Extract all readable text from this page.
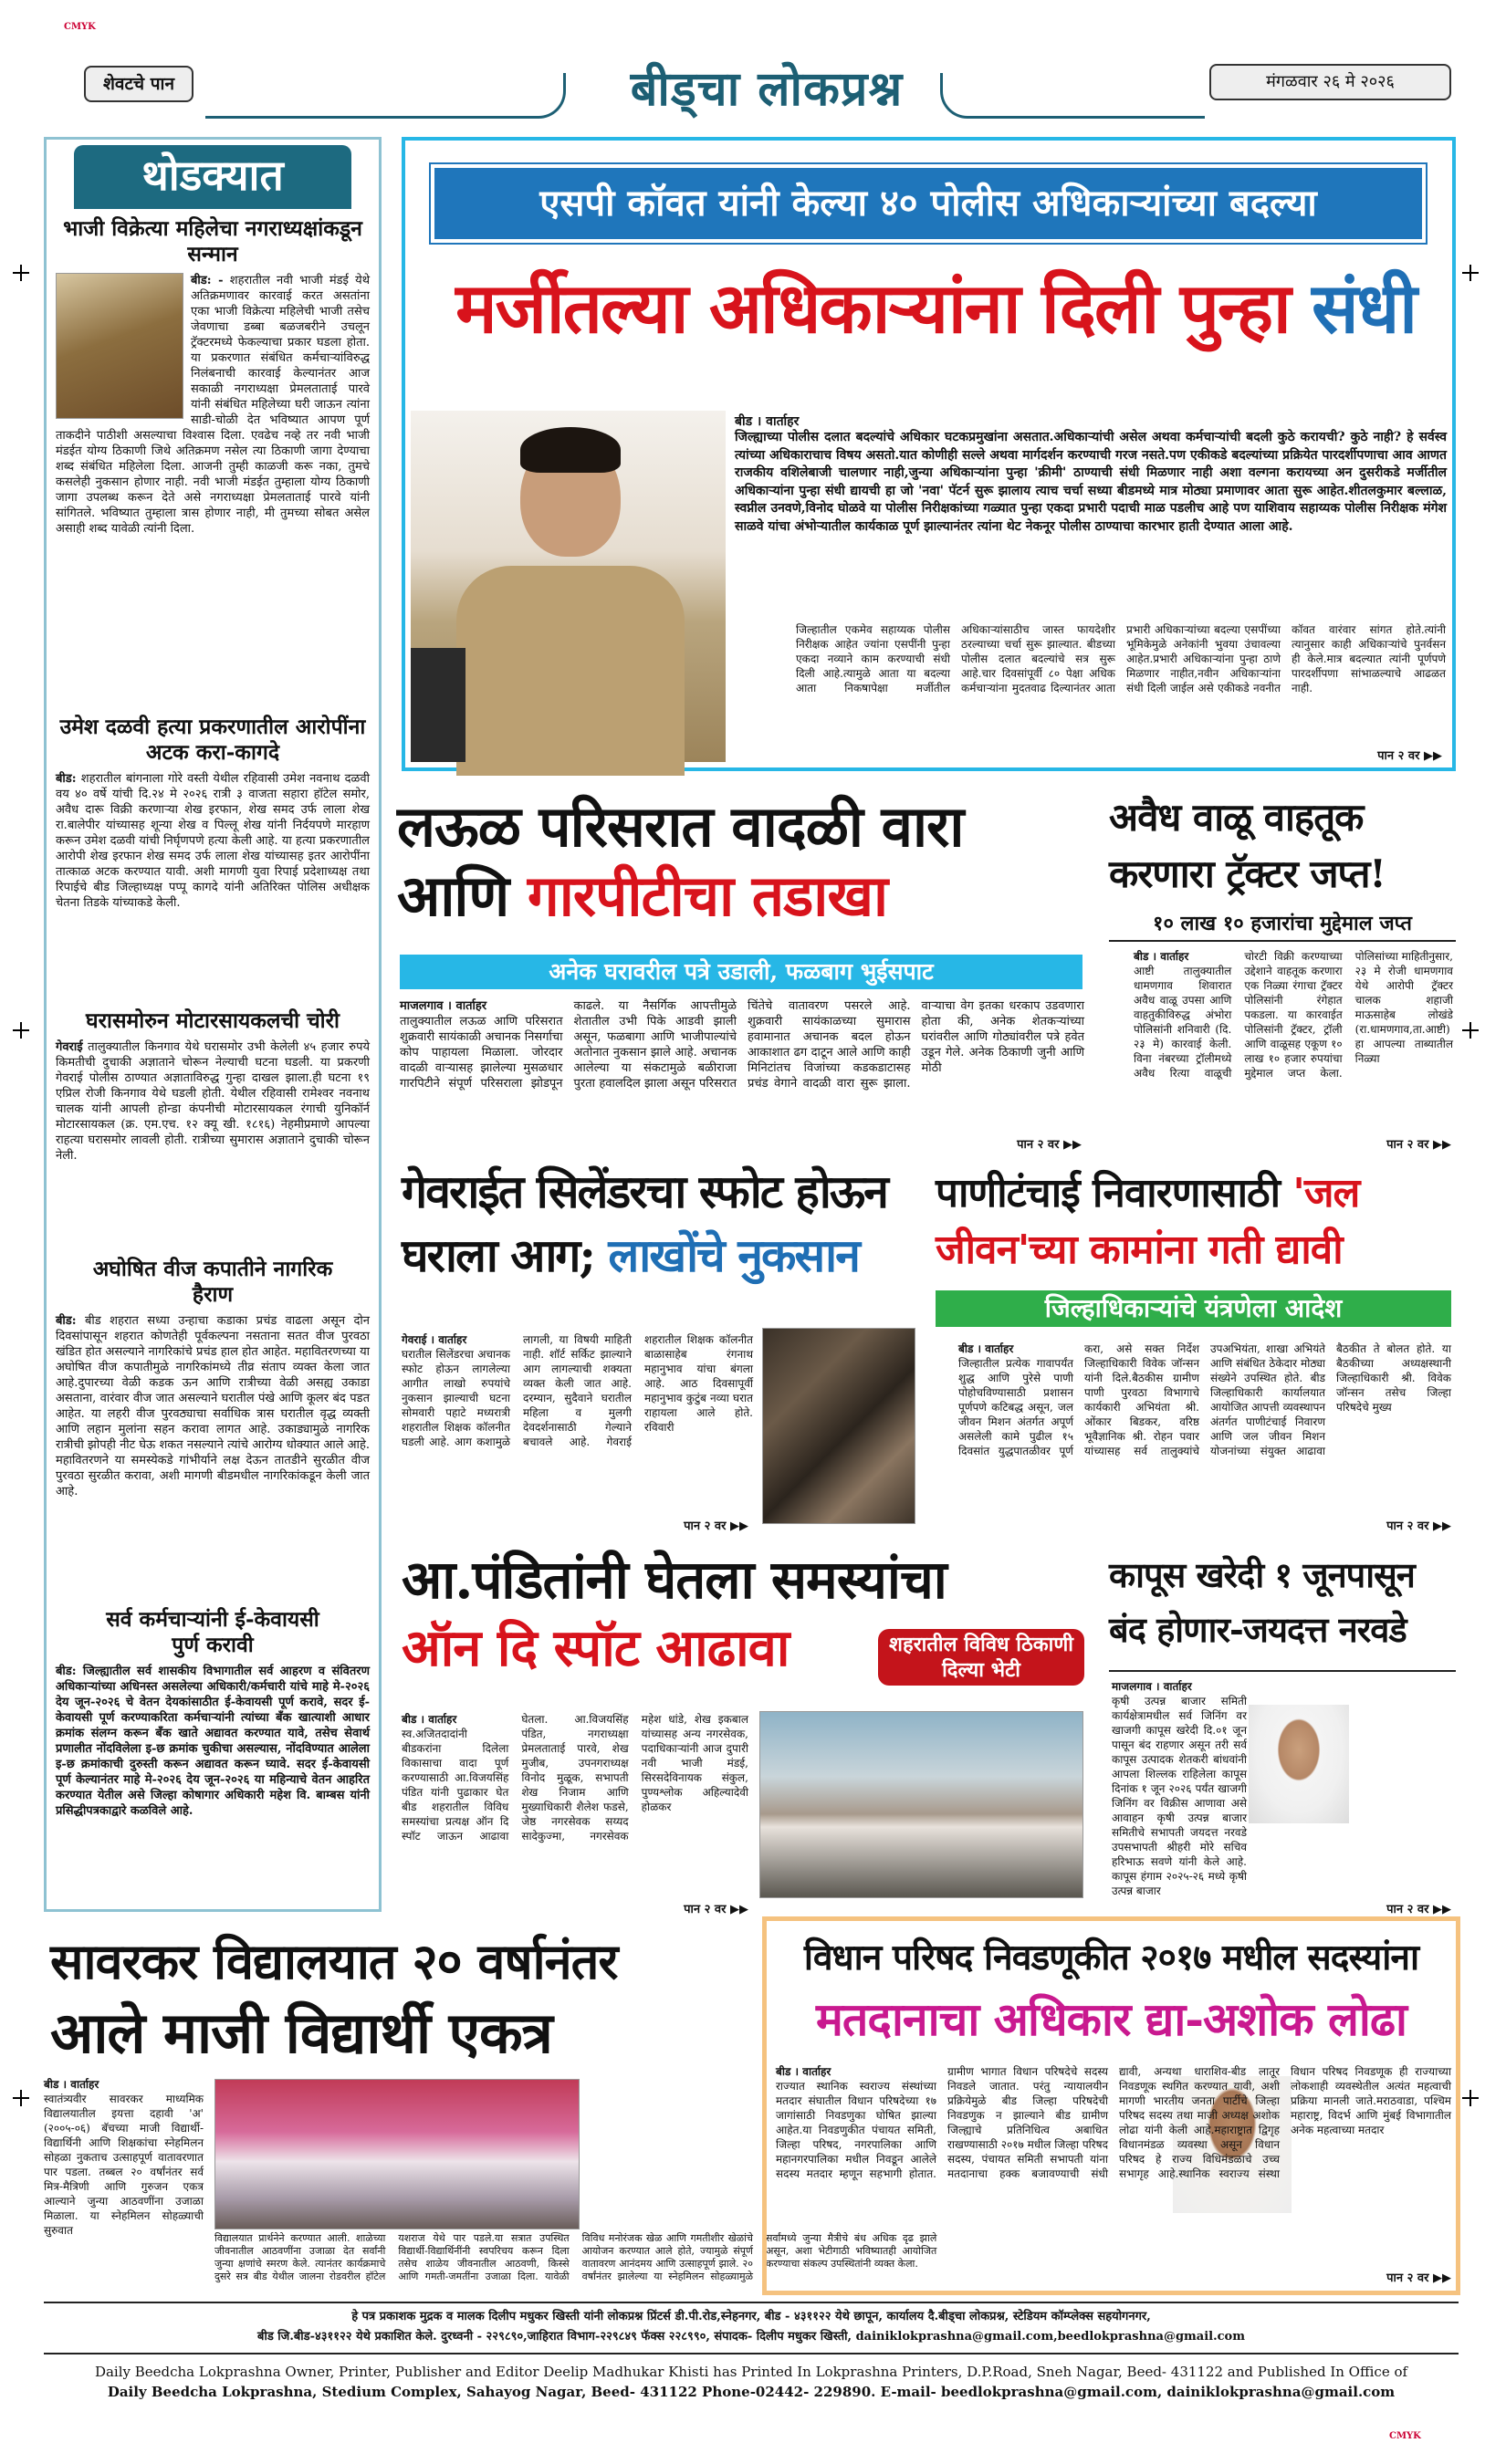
CMYK
CMYK
शेवटचे पान	बीड्चा लोकप्रश्न	मंगळवार २६ मे २०२६
थोडक्यात
भाजी विक्रेत्या महिलेचा नगराध्यक्षांकडून सन्मान
बीड: - शहरातील नवी भाजी मंडई येथे अतिक्रमणावर कारवाई करत असतांना एका भाजी विक्रेत्या महिलेची भाजी तसेच जेवणाचा डब्बा बळजबरीने उचलून ट्रॅक्टरमध्ये फेकल्याचा प्रकार घडला होता. या प्रकरणात संबंधित कर्मचाऱ्यांविरुद्ध निलंबनाची कारवाई केल्यानंतर आज सकाळी नगराध्यक्षा प्रेमलताताई पारवे यांनी संबंधित महिलेच्या घरी जाऊन त्यांना साडी-चोळी देत भविष्यात आपण पूर्ण ताकदीने पाठीशी असल्याचा विश्वास दिला. एवढेच नव्हे तर नवी भाजी मंडईत योग्य ठिकाणी जिथे अतिक्रमण नसेल त्या ठिकाणी जागा देण्याचा शब्द संबंधित महिलेला दिला. आजनी तुम्ही काळजी करू नका, तुमचे कसलेही नुकसान होणार नाही. नवी भाजी मंडईत तुम्हाला योग्य ठिकाणी जागा उपलब्ध करून देते असे नगराध्यक्षा प्रेमलताताई पारवे यांनी सांगितले. भविष्यात तुम्हाला त्रास होणार नाही, मी तुमच्या सोबत असेल असाही शब्द यावेळी त्यांनी दिला.
उमेश दळवी हत्या प्रकरणातील आरोपींना अटक करा-कागदे
बीड: शहरातील बांगनाला गोरे वस्ती येथील रहिवासी उमेश नवनाथ दळवी वय ४० वर्षे यांची दि.२४ मे २०२६ रात्री ३ वाजता सहारा हॉटेल समोर, अवैध दारू विक्री करणाऱ्या शेख इरफान, शेख समद उर्फ लाला शेख रा.बालेपीर यांच्यासह शून्या शेख व पिल्लू शेख यांनी निर्दयपणे मारहाण करून उमेश दळवी यांची निर्घृणपणे हत्या केली आहे. या हत्या प्रकरणातील आरोपी शेख इरफान शेख समद उर्फ लाला शेख यांच्यासह इतर आरोपींना तात्काळ अटक करण्यात यावी. अशी मागणी युवा रिपाई प्रदेशाध्यक्ष तथा रिपाईचे बीड जिल्हाध्यक्ष पप्पू कागदे यांनी अतिरिक्त पोलिस अधीक्षक चेतना तिडके यांच्याकडे केली.
घरासमोरुन मोटारसायकलची चोरी
गेवराई तालुक्यातील किनगाव येथे घरासमोर उभी केलेली ४५ हजार रुपये किमतीची दुचाकी अज्ञाताने चोरून नेल्याची घटना घडली. या प्रकरणी गेवराई पोलीस ठाण्यात अज्ञाताविरुद्ध गुन्हा दाखल झाला.ही घटना १९ एप्रिल रोजी किनगाव येथे घडली होती. येथील रहिवासी रामेश्वर नवनाथ चालक यांनी आपली होन्डा कंपनीची मोटारसायकल रंगाची युनिकॉर्न मोटारसायकल (क्र. एम.एच. १२ क्यू खी. १८१६) नेहमीप्रमाणे आपल्या राहत्या घरासमोर लावली होती. रात्रीच्या सुमारास अज्ञाताने दुचाकी चोरून नेली.
अघोषित वीज कपातीने नागरिक हैराण
बीड: बीड शहरात सध्या उन्हाचा कडाका प्रचंड वाढला असून दोन दिवसांपासून शहरात कोणतेही पूर्वकल्पना नसताना सतत वीज पुरवठा खंडित होत असल्याने नागरिकांचे प्रचंड हाल होत आहेत. महावितरणच्या या अघोषित वीज कपातीमुळे नागरिकांमध्ये तीव्र संताप व्यक्त केला जात आहे.दुपारच्या वेळी कडक ऊन आणि रात्रीच्या वेळी असह्य उकाडा असताना, वारंवार वीज जात असल्याने घरातील पंखे आणि कूलर बंद पडत आहेत. या लहरी वीज पुरवठ्याचा सर्वाधिक त्रास घरातील वृद्ध व्यक्ती आणि लहान मुलांना सहन करावा लागत आहे. उकाड्यामुळे नागरिक रात्रीची झोपही नीट घेऊ शकत नसल्याने त्यांचे आरोग्य धोक्यात आले आहे. महावितरणने या समस्येकडे गांभीर्याने लक्ष देऊन तातडीने सुरळीत वीज पुरवठा सुरळीत करावा, अशी मागणी बीडमधील नागरिकांकडून केली जात आहे.
सर्व कर्मचाऱ्यांनी ई-केवायसी पुर्ण करावी
बीड: जिल्ह्यातील सर्व शासकीय विभागातील सर्व आहरण व संवितरण अधिकाऱ्यांच्या अधिनस्त असलेल्या अधिकारी/कर्मचारी यांचे माहे मे-२०२६ देय जून-२०२६ चे वेतन देयकांसाठीत ई-केवायसी पूर्ण करावे, सदर ई-केवायसी पूर्ण करण्याकरिता कर्मचाऱ्यांनी त्यांच्या बँक खात्याशी आधार क्रमांक संलग्न करून बँक खाते अद्यावत करण्यात यावे, तसेच सेवार्थ प्रणालीत नोंदविलेला इ-छ क्रमांक चुकीचा असल्यास, नोंदविण्यात आलेला इ-छ क्रमांकाची दुरुस्ती करून अद्यावत करून घ्यावे. सदर ई-केवायसी पूर्ण केल्यानंतर माहे मे-२०२६ देय जून-२०२६ या महिन्याचे वेतन आहरित करण्यात येतील असे जिल्हा कोषागार अधिकारी महेश वि. बाम्बस यांनी प्रसिद्धीपत्रकाद्वारे कळविले आहे.
एसपी कॉवत यांनी केल्या ४० पोलीस अधिकाऱ्यांच्या बदल्या
मर्जीतल्या अधिकाऱ्यांना दिली पुन्हा संधी
बीड । वार्ताहर
जिल्ह्याच्या पोलीस दलात बदल्यांचे अधिकार घटकप्रमुखांना असतात.अधिकाऱ्यांची असेल अथवा कर्मचाऱ्यांची बदली कुठे करायची? कुठे नाही? हे सर्वस्व त्यांच्या अधिकाराचाच विषय असतो.यात कोणीही सल्ले अथवा मार्गदर्शन करण्याची गरज नसते.पण एकीकडे बदल्यांच्या प्रक्रियेत पारदर्शीपणाचा आव आणत राजकीय वशिलेबाजी चालणार नाही,जुन्या अधिकाऱ्यांना पुन्हा 'क्रीमी' ठाण्याची संधी मिळणार नाही अशा वल्गना करायच्या अन दुसरीकडे मर्जीतील अधिकाऱ्यांना पुन्हा संधी द्यायची हा जो 'नवा' पॅटर्न सुरू झालाय त्याच चर्चा सध्या बीडमध्ये मात्र मोठ्या प्रमाणावर आता सुरू आहेत.शीतलकुमार बल्लाळ, स्वप्नील उनवणे,विनोद घोळवे या पोलीस निरीक्षकांच्या गळ्यात पुन्हा एकदा प्रभारी पदाची माळ पडलीच आहे पण याशिवाय सहाय्यक पोलीस निरीक्षक मंगेश साळवे यांचा अंभोऱ्यातील कार्यकाळ पूर्ण झाल्यानंतर त्यांना थेट नेकनूर पोलीस ठाण्याचा कारभार हाती देण्यात आला आहे.
जिल्हातील एकमेव सहाय्यक पोलीस निरीक्षक आहेत ज्यांना एसपींनी पुन्हा एकदा नव्याने काम करण्याची संधी दिली आहे.त्यामुळे आता या बदल्या आता निकषापेक्षा मर्जीतील अधिकाऱ्यांसाठीच जास्त फायदेशीर ठरल्याच्या चर्चा सुरू झाल्यात. बीडच्या पोलीस दलात बदल्यांचे सत्र सुरू आहे.चार दिवसांपूर्वी ८० पेक्षा अधिक कर्मचाऱ्यांना मुदतवाढ दिल्यानंतर आता प्रभारी अधिकाऱ्यांच्या बदल्या एसपींच्या भूमिकेमुळे अनेकांनी भुवया उंचावल्या आहेत.प्रभारी अधिकाऱ्यांना पुन्हा ठाणे मिळणार नाहीत,नवीन अधिकाऱ्यांना संधी दिली जाईल असे एकीकडे नवनीत कॉवत वारंवार सांगत होते.त्यांनी त्यानुसार काही अधिकाऱ्यांचे पुनर्वसन ही केले.मात्र बदल्यात त्यांनी पूर्णपणे पारदर्शीपणा सांभाळल्याचे आढळत नाही.
पान २ वर ▶▶
लऊळ परिसरात वादळी वारा
आणि गारपीटीचा तडाखा
अनेक घरावरील पत्रे उडाली, फळबाग भुईसपाट
माजलगाव । वार्ताहर
तालुक्यातील लऊळ आणि परिसरात शुक्रवारी सायंकाळी अचानक निसर्गाचा कोप पाहायला मिळाला. जोरदार वादळी वाऱ्यासह झालेल्या मुसळधार गारपिटीने संपूर्ण परिसराला झोडपून काढले. या नैसर्गिक आपत्तीमुळे शेतातील उभी पिके आडवी झाली असून, फळबागा आणि भाजीपाल्यांचे अतोनात नुकसान झाले आहे. अचानक आलेल्या या संकटामुळे बळीराजा पुरता हवालदिल झाला असून परिसरात चिंतेचे वातावरण पसरले आहे. शुक्रवारी सायंकाळच्या सुमारास हवामानात अचानक बदल होऊन आकाशात ढग दाटून आले आणि काही मिनिटांतच विजांच्या कडकडाटासह प्रचंड वेगाने वादळी वारा सुरू झाला. वाऱ्याचा वेग इतका धरकाप उडवणारा होता की, अनेक शेतकऱ्यांच्या घरांवरील आणि गोठ्यांवरील पत्रे हवेत उडून गेले. अनेक ठिकाणी जुनी आणि मोठी
पान २ वर ▶▶
अवैध वाळू वाहतूक
करणारा ट्रॅक्टर जप्त!
१० लाख १० हजारांचा मुद्देमाल जप्त
बीड । वार्ताहर
आष्टी तालुक्यातील धामणगाव शिवारात अवैध वाळू उपसा आणि वाहतुकीविरुद्ध अंभोरा पोलिसांनी शनिवारी (दि. २३ मे) कारवाई केली. विना नंबरच्या ट्रॉलीमध्ये अवैध रित्या वाळूची चोरटी विक्री करण्याच्या उद्देशाने वाहतूक करणारा एक निळ्या रंगाचा ट्रॅक्टर पोलिसांनी रंगेहात पकडला. या कारवाईत पोलिसांनी ट्रॅक्टर, ट्रॉली आणि वाळूसह एकूण १० लाख १० हजार रुपयांचा मुद्देमाल जप्त केला. पोलिसांच्या माहितीनुसार, २३ मे रोजी धामणगाव येथे आरोपी ट्रॅक्टर चालक शहाजी माऊसाहेब लोखंडे (रा.धामणगाव,ता.आष्टी) हा आपल्या ताब्यातील निळ्या
पान २ वर ▶▶
गेवराईत सिलेंडरचा स्फोट होऊन
घराला आग; लाखोंचे नुकसान
गेवराई । वार्ताहर
घरातील सिलेंडरचा अचानक स्फोट होऊन लागलेल्या आगीत लाखो रुपयांचे नुकसान झाल्याची घटना सोमवारी पहाटे मध्यरात्री शहरातील शिक्षक कॉलनीत घडली आहे. आग कशामुळे लागली, या विषयी माहिती नाही. शॉर्ट सर्किट झाल्याने आग लागल्याची शक्यता व्यक्त केली जात आहे. दरम्यान, सुदैवाने घरातील महिला व मुलगी देवदर्शनासाठी गेल्याने बचावले आहे. गेवराई शहरातील शिक्षक कॉलनीत बाळासाहेब रंगनाथ महानुभाव यांचा बंगला आहे. आठ दिवसापूर्वी महानुभाव कुटुंब नव्या घरात राहायला आले होते. रविवारी
पान २ वर ▶▶
पाणीटंचाई निवारणासाठी 'जल
जीवन'च्या कामांना गती द्यावी
जिल्हाधिकाऱ्यांचे यंत्रणेला आदेश
बीड । वार्ताहर
जिल्हातील प्रत्येक गावापर्यंत शुद्ध आणि पुरेसे पाणी पोहोचविण्यासाठी प्रशासन पूर्णपणे कटिबद्ध असून, जल जीवन मिशन अंतर्गत अपूर्ण असलेली कामे पुढील १५ दिवसांत युद्धपातळीवर पूर्ण करा, असे सक्त निर्देश जिल्हाधिकारी विवेक जॉन्सन यांनी दिले.बैठकीस ग्रामीण पाणी पुरवठा विभागाचे कार्यकारी अभियंता श्री. ओंकार बिडकर, वरिष्ठ भूवैज्ञानिक श्री. रोहन पवार यांच्यासह सर्व तालुक्यांचे उपअभियंता, शाखा अभियंते आणि संबंधित ठेकेदार मोठ्या संख्येने उपस्थित होते. बीड जिल्हाधिकारी कार्यालयात आयोजित आपत्ती व्यवस्थापन अंतर्गत पाणीटंचाई निवारण आणि जल जीवन मिशन योजनांच्या संयुक्त आढावा बैठकीत ते बोलत होते. या बैठकीच्या अध्यक्षस्थानी जिल्हाधिकारी श्री. विवेक जॉन्सन तसेच जिल्हा परिषदेचे मुख्य
पान २ वर ▶▶
आ.पंडितांनी घेतला समस्यांचा
ऑन दि स्पॉट आढावा	शहरातील विविध ठिकाणी दिल्या भेटी
बीड । वार्ताहर
स्व.अजितदादांनी बीडकरांना दिलेला विकासाचा वादा पूर्ण करण्यासाठी आ.विजयसिंह पंडित यांनी पुढाकार घेत बीड शहरातील विविध समस्यांचा प्रत्यक्ष ऑन दि स्पॉट जाऊन आढावा घेतला. आ.विजयसिंह पंडित, नगराध्यक्षा प्रेमलताताई पारवे, शेख मुजीब, उपनगराध्यक्ष विनोद मुळूक, सभापती शेख निजाम आणि मुख्याधिकारी शैलेश फडसे, जेष्ठ नगरसेवक सय्यद सादेकुज्मा, नगरसेवक महेश धांडे, शेख इकबाल यांच्यासह अन्य नगरसेवक, पदाधिकाऱ्यांनी आज दुपारी नवी भाजी मंडई, सिरसदेविनायक संकुल, पुण्यश्लोक अहिल्यादेवी होळकर
पान २ वर ▶▶
कापूस खरेदी १ जूनपासून
बंद होणार-जयदत्त नरवडे
माजलगाव । वार्ताहर
कृषी उत्पन्न बाजार समिती कार्यक्षेत्रामधील सर्व जिनिंग वर खाजगी कापूस खरेदी दि.०१ जून पासून बंद राहणार असून तरी सर्व कापूस उत्पादक शेतकरी बांधवांनी आपला शिल्लक राहिलेला कापूस दिनांक १ जून २०२६ पर्यंत खाजगी जिनिंग वर विक्रीस आणावा असे आवाहन कृषी उत्पन्न बाजार समितीचे सभापती जयदत्त नरवडे उपसभापती श्रीहरी मोरे सचिव हरिभाऊ सवणे यांनी केले आहे. कापूस हंगाम २०२५-२६ मध्ये कृषी उत्पन्न बाजार
पान २ वर ▶▶
सावरकर विद्यालयात २० वर्षानंतर
आले माजी विद्यार्थी एकत्र
बीड । वार्ताहर
स्वातंत्र्यवीर सावरकर माध्यमिक विद्यालयातील इयत्ता दहावी 'अ' (२००५-०६) बॅचच्या माजी विद्यार्थी-विद्यार्थिनी आणि शिक्षकांचा स्नेहमिलन सोहळा नुकताच उत्साहपूर्ण वातावरणात पार पडला. तब्बल २० वर्षांनंतर सर्व मित्र-मैत्रिणी आणि गुरुजन एकत्र आल्याने जुन्या आठवणींना उजाळा मिळाला. या स्नेहमिलन सोहळ्याची सुरुवात
विद्यालयात प्रार्थनेने करण्यात आली. शाळेच्या जीवनातील आठवणींना उजाळा देत सर्वांनी जुन्या क्षणांचे स्मरण केले. त्यानंतर कार्यक्रमाचे दुसरे सत्र बीड येथील जालना रोडवरील हॉटेल यशराज येथे पार पडले.या सत्रात उपस्थित विद्यार्थी-विद्यार्थिनींनी स्वपरिचय करून दिला तसेच शाळेय जीवनातील आठवणी, किस्से आणि गमती-जमतींना उजाळा दिला. यावेळी विविध मनोरंजक खेळ आणि गमतीशीर खेळांचे आयोजन करण्यात आले होते, ज्यामुळे संपूर्ण वातावरण आनंदमय आणि उत्साहपूर्ण झाले. २० वर्षांनंतर झालेल्या या स्नेहमिलन सोहळ्यामुळे सर्वांमध्ये जुन्या मैत्रीचे बंध अधिक दृढ झाले असून, अशा भेटीगाठी भविष्यातही आयोजित करण्याचा संकल्प उपस्थितांनी व्यक्त केला.
विधान परिषद निवडणूकीत २०१७ मधील सदस्यांना
मतदानाचा अधिकार द्या-अशोक लोढा
बीड । वार्ताहर
राज्यात स्थानिक स्वराज्य संस्थांच्या मतदार संघातील विधान परिषदेच्या १७ जागांसाठी निवडणुका घोषित झाल्या आहेत.या निवडणुकीत पंचायत समिती, जिल्हा परिषद, नगरपालिका आणि महानगरपालिका मधील निवडून आलेले सदस्य मतदार म्हणून सहभागी होतात. ग्रामीण भागात विधान परिषदेचे सदस्य निवडले जातात. परंतु न्यायालयीन प्रक्रियेमुळे बीड जिल्हा परिषदेची निवडणुक न झाल्याने बीड ग्रामीण जिल्ह्याचे प्रतिनिधित्व अबाधित राखण्यासाठी २०१७ मधील जिल्हा परिषद सदस्य, पंचायत समिती सभापती यांना मतदानाचा हक्क बजावण्याची संधी द्यावी, अन्यथा धाराशिव-बीड लातूर निवडणूक स्थगित करण्यात यावी, अशी मागणी भारतीय जनता पार्टीचे जिल्हा परिषद सदस्य तथा माजी अध्यक्ष अशोक लोढा यांनी केली आहे.महाराष्ट्रात द्विगृह विधानमंडळ व्यवस्था असून विधान परिषद हे राज्य विधिमंडळाचे उच्च सभागृह आहे.स्थानिक स्वराज्य संस्था विधान परिषद निवडणूक ही राज्याच्या लोकशाही व्यवस्थेतील अत्यंत महत्वाची प्रक्रिया मानली जाते.मराठवाडा, पश्चिम महाराष्ट्र, विदर्भ आणि मुंबई विभागातील अनेक महत्वाच्या मतदार
पान २ वर ▶▶
हे पत्र प्रकाशक मुद्रक व मालक दिलीप मधुकर खिस्ती यांनी लोकप्रश्न प्रिंटर्स डी.पी.रोड,स्नेहनगर, बीड - ४३११२२ येथे छापून, कार्यालय दै.बीड्चा लोकप्रश्न, स्टेडियम कॉम्प्लेक्स सहयोगनगर,
बीड जि.बीड-४३११२२ येथे प्रकाशित केले. दुरध्वनी - २२९८९०,जाहिरात विभाग-२२९८४९ फॅक्स २२८९९०, संपादक- दिलीप मधुकर खिस्ती, dainiklokprashna@gmail.com,beedlokprashna@gmail.com
Daily Beedcha Lokprashna Owner, Printer, Publisher and Editor Deelip Madhukar Khisti has Printed In Lokprashna Printers, D.P.Road, Sneh Nagar, Beed- 431122 and Published In Office of
Daily Beedcha Lokprashna, Stedium Complex, Sahayog Nagar, Beed- 431122 Phone-02442- 229890. E-mail- beedlokprashna@gmail.com, dainiklokprashna@gmail.com
